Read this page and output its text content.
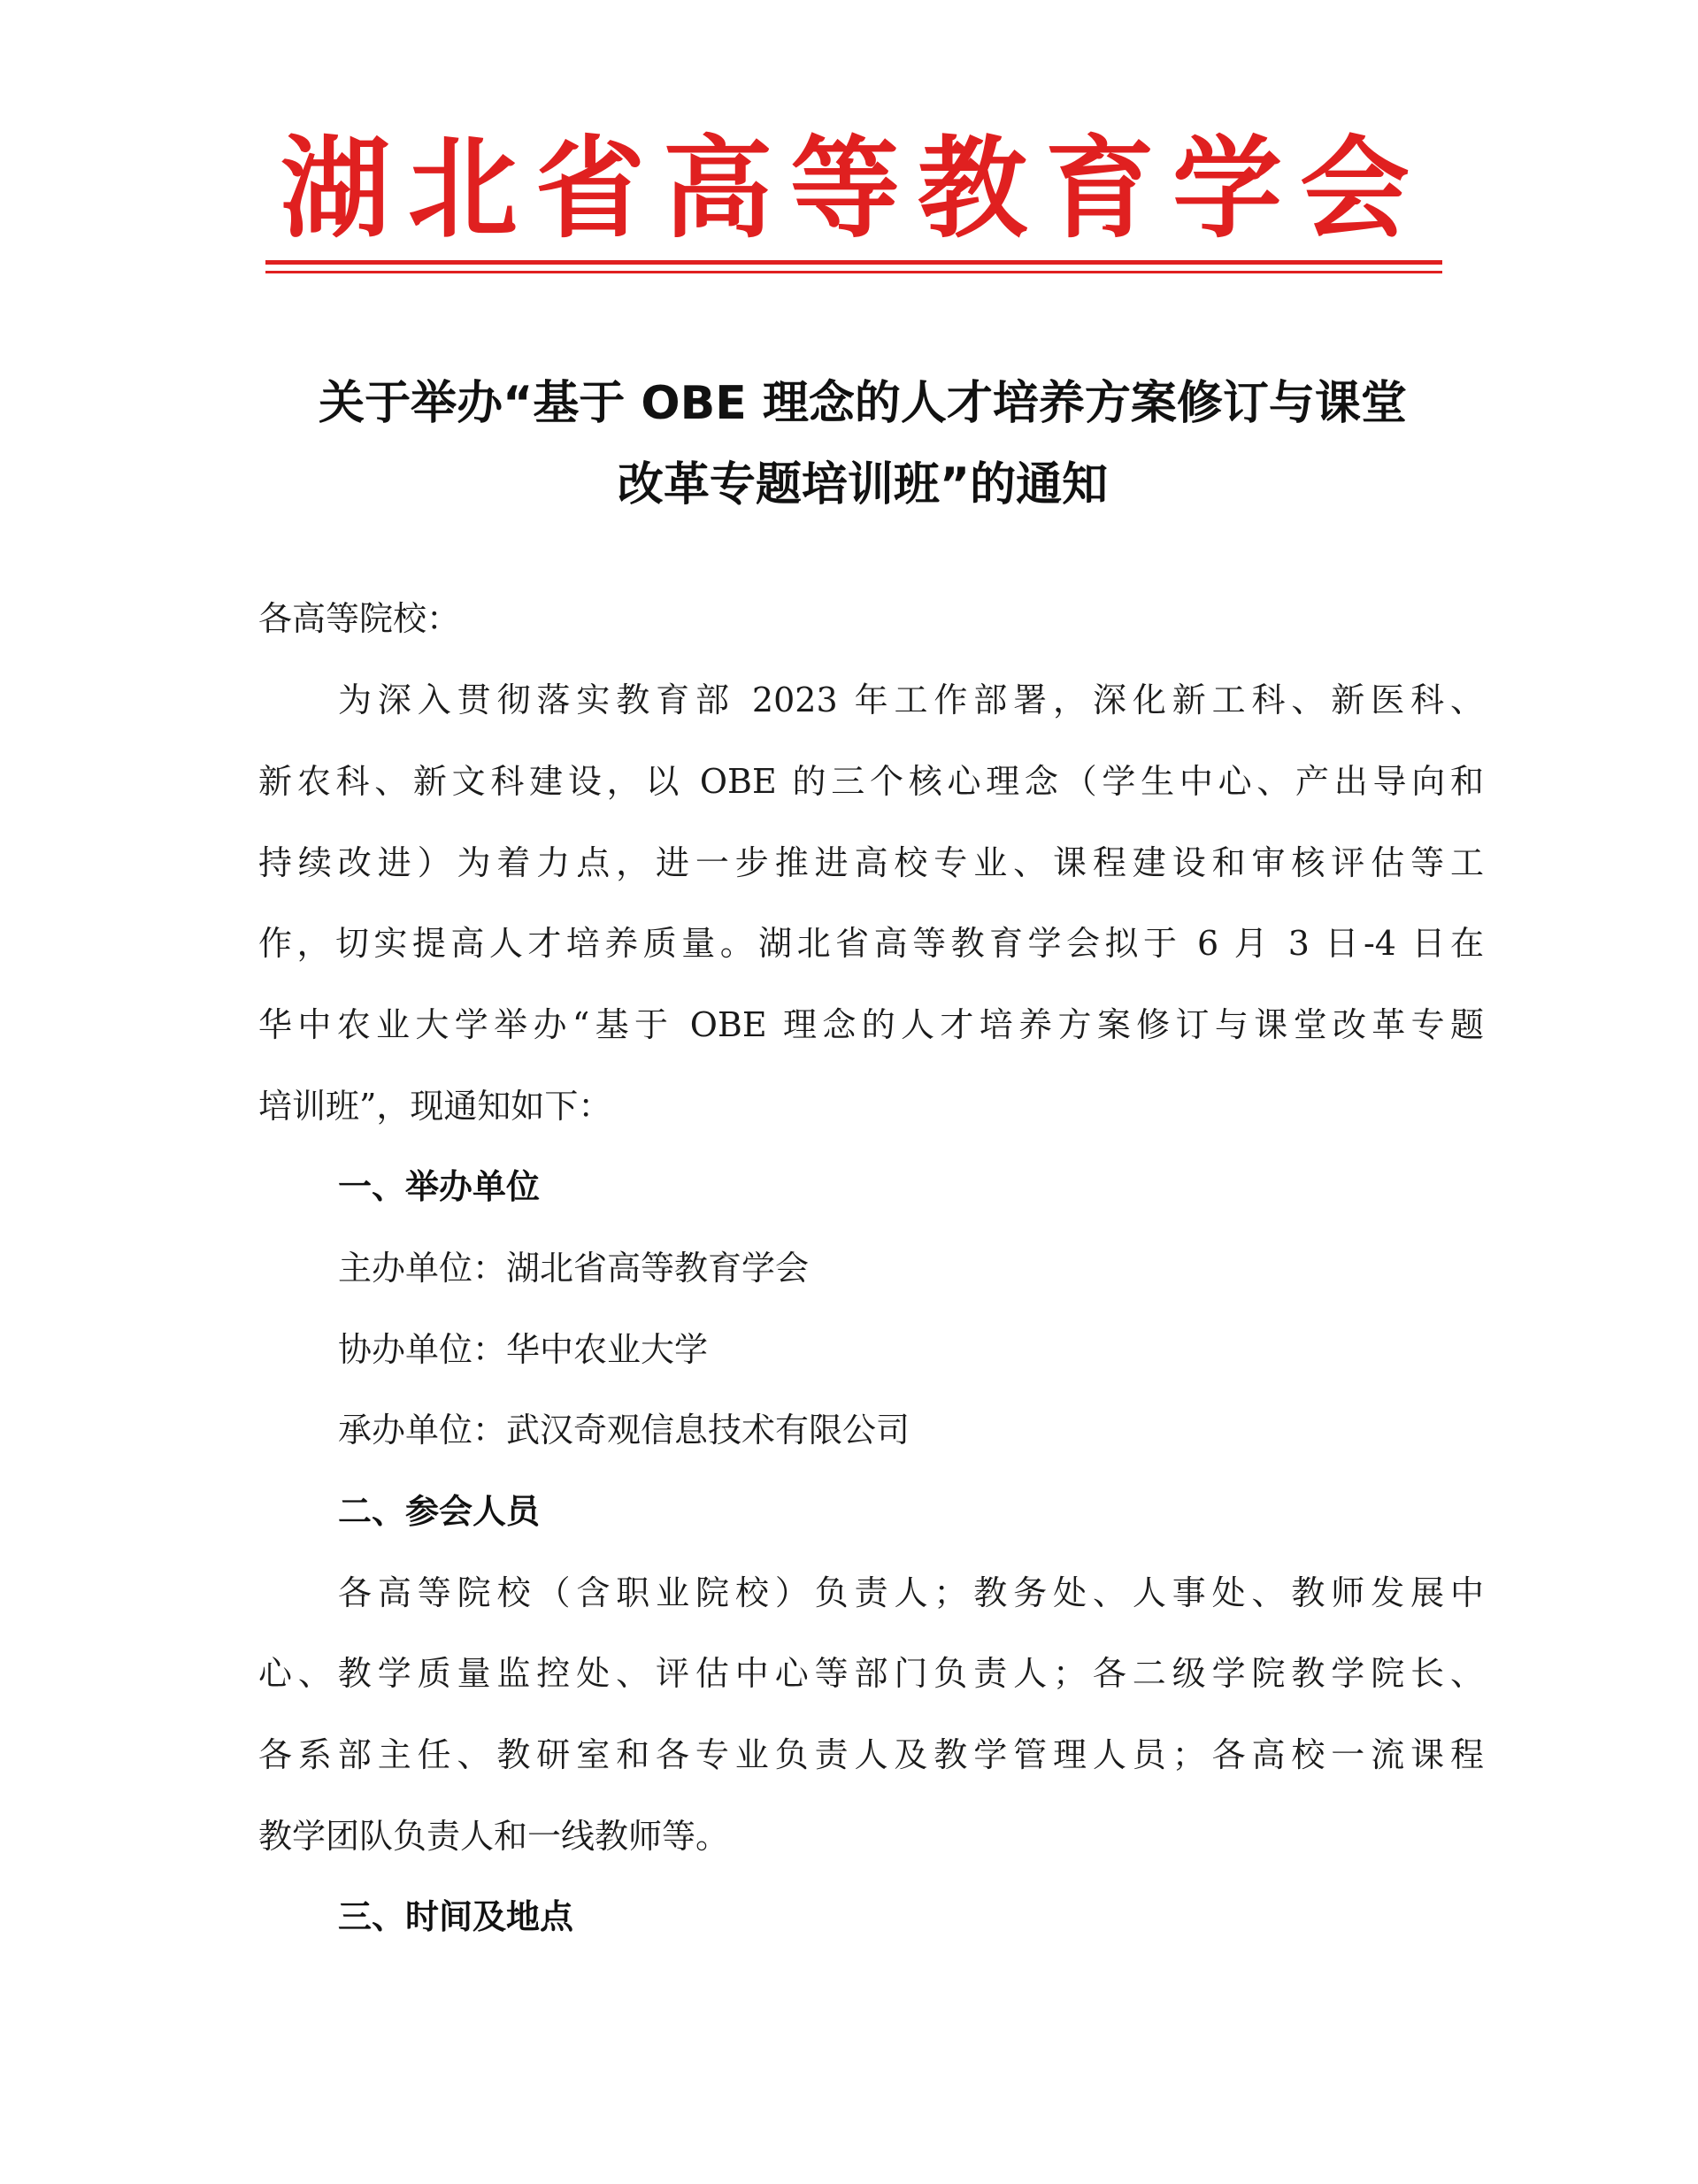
湖北省高等教育学会
关于举办“基于 OBE 理念的人才培养方案修订与课堂
改革专题培训班”的通知
各高等院校：
为深入贯彻落实教育部 2023 年工作部署，深化新工科、新医科、
新农科、新文科建设，以 OBE 的三个核心理念（学生中心、产出导向和
持续改进）为着力点，进一步推进高校专业、课程建设和审核评估等工
作，切实提高人才培养质量。湖北省高等教育学会拟于 6 月 3 日-4 日在
华中农业大学举办“基于 OBE 理念的人才培养方案修订与课堂改革专题
培训班”，现通知如下：
一、举办单位
主办单位：湖北省高等教育学会
协办单位：华中农业大学
承办单位：武汉奇观信息技术有限公司
二、参会人员
各高等院校（含职业院校）负责人；教务处、人事处、教师发展中
心、教学质量监控处、评估中心等部门负责人；各二级学院教学院长、
各系部主任、教研室和各专业负责人及教学管理人员；各高校一流课程
教学团队负责人和一线教师等。
三、时间及地点
